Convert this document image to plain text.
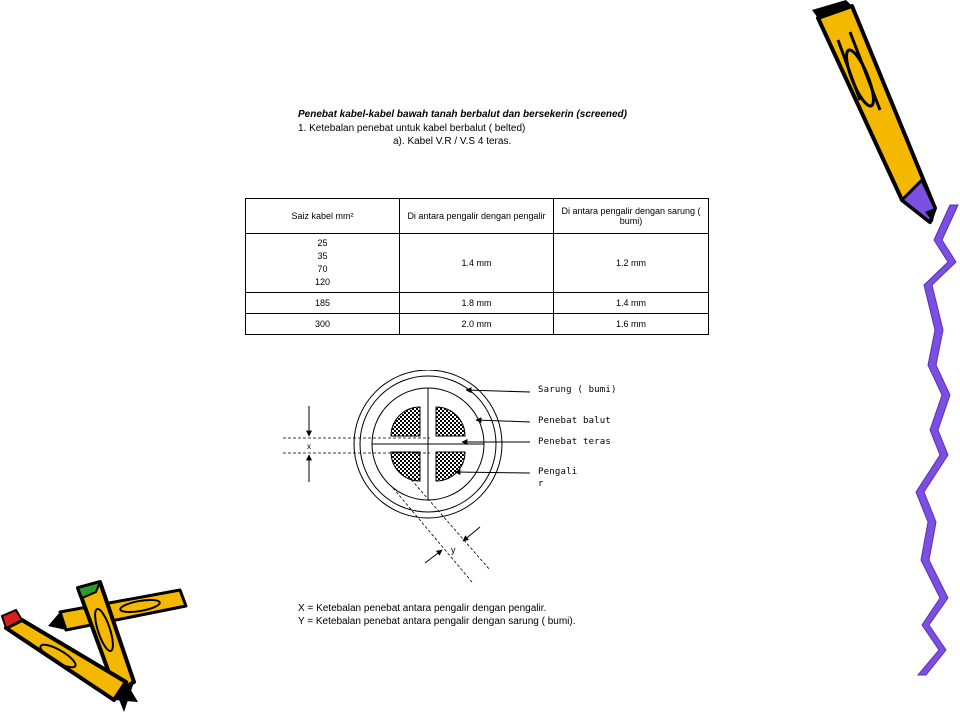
Penebat kabel-kabel bawah tanah berbalut dan bersekerin (screened)
1. Ketebalan penebat untuk kabel berbalut ( belted)
a). Kabel V.R / V.S 4 teras.
Saiz kabel mm²	Di antara pengalir dengan pengalir	Di antara pengalir dengan sarung ( bumi)

25
35
70
120	1.4 mm	1.2 mm
185	1.8 mm	1.4 mm
300	2.0 mm	1.6 mm
x
y
Sarung ( bumi)
Penebat balut
Penebat teras
Pengali
r
X = Ketebalan penebat antara pengalir dengan pengalir.
Y = Ketebalan penebat antara pengalir dengan sarung ( bumi).
